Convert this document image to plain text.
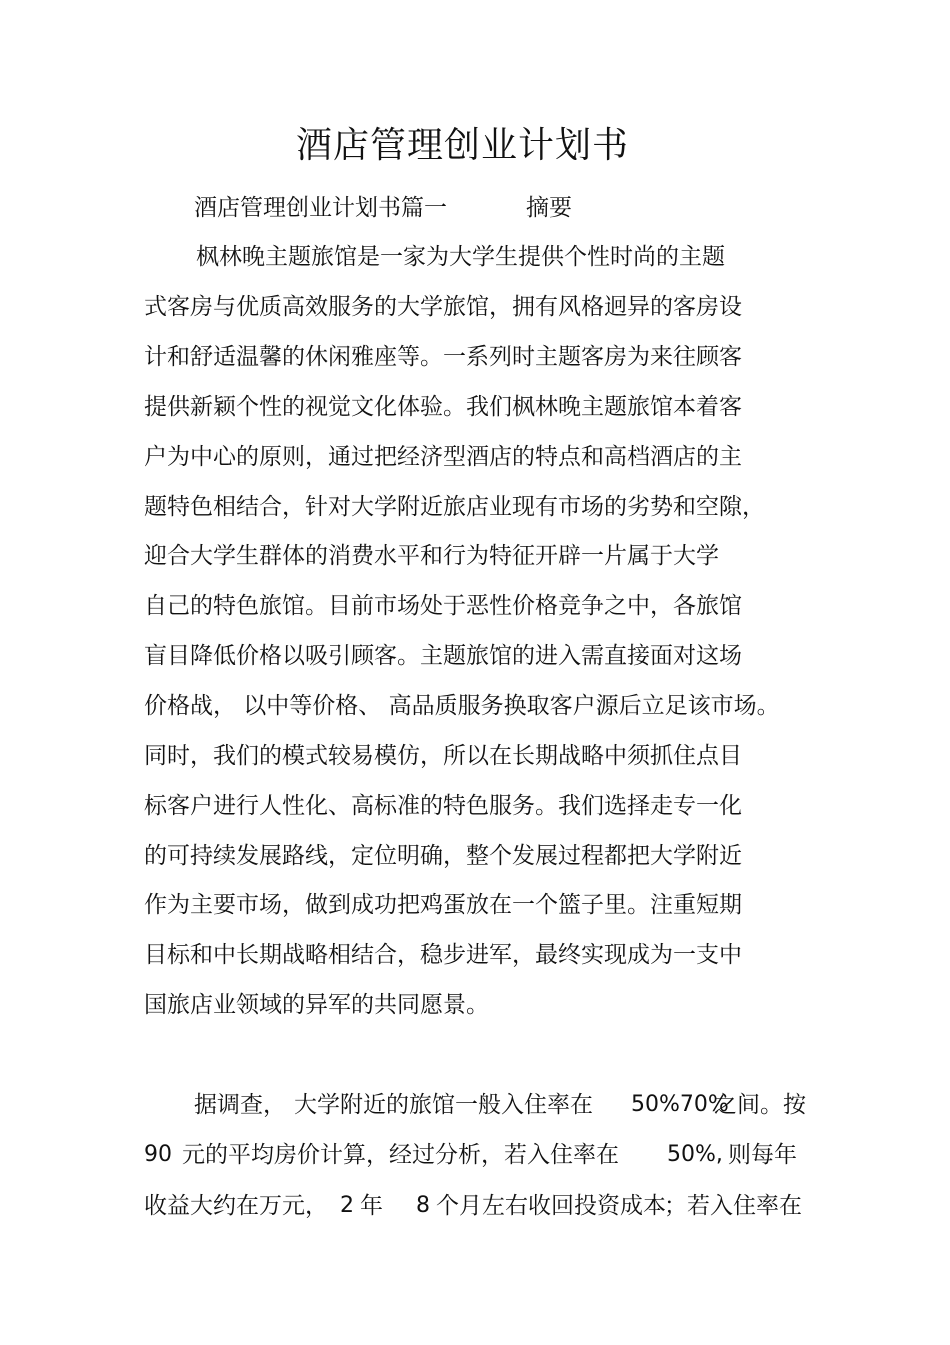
酒店管理创业计划书
酒店管理创业计划书篇一	摘要
枫林晚主题旅馆是一家为大学生提供个性时尚的主题
式客房与优质高效服务的大学旅馆，拥有风格迥异的客房设
计和舒适温馨的休闲雅座等。一系列时主题客房为来往顾客
提供新颖个性的视觉文化体验。我们枫林晚主题旅馆本着客
户为中心的原则，通过把经济型酒店的特点和高档酒店的主
题特色相结合，针对大学附近旅店业现有市场的劣势和空隙，
迎合大学生群体的消费水平和行为特征开辟一片属于大学
自己的特色旅馆。目前市场处于恶性价格竞争之中，各旅馆
盲目降低价格以吸引顾客。主题旅馆的进入需直接面对这场
价格战， 以中等价格、 高品质服务换取客户源后立足该市场。
同时，我们的模式较易模仿，所以在长期战略中须抓住点目
标客户进行人性化、高标准的特色服务。我们选择走专一化
的可持续发展路线，定位明确，整个发展过程都把大学附近
作为主要市场，做到成功把鸡蛋放在一个篮子里。注重短期
目标和中长期战略相结合，稳步进军，最终实现成为一支中
国旅店业领域的异军的共同愿景。
据调查， 大学附近的旅馆一般入住率在 50%70%
之间。 按
90 元的平均房价计算，经过分析，若入住率在 50%, 则每年
收益大约在万元， 2 年 8 个月左右收回投资成本
；若入住率在
